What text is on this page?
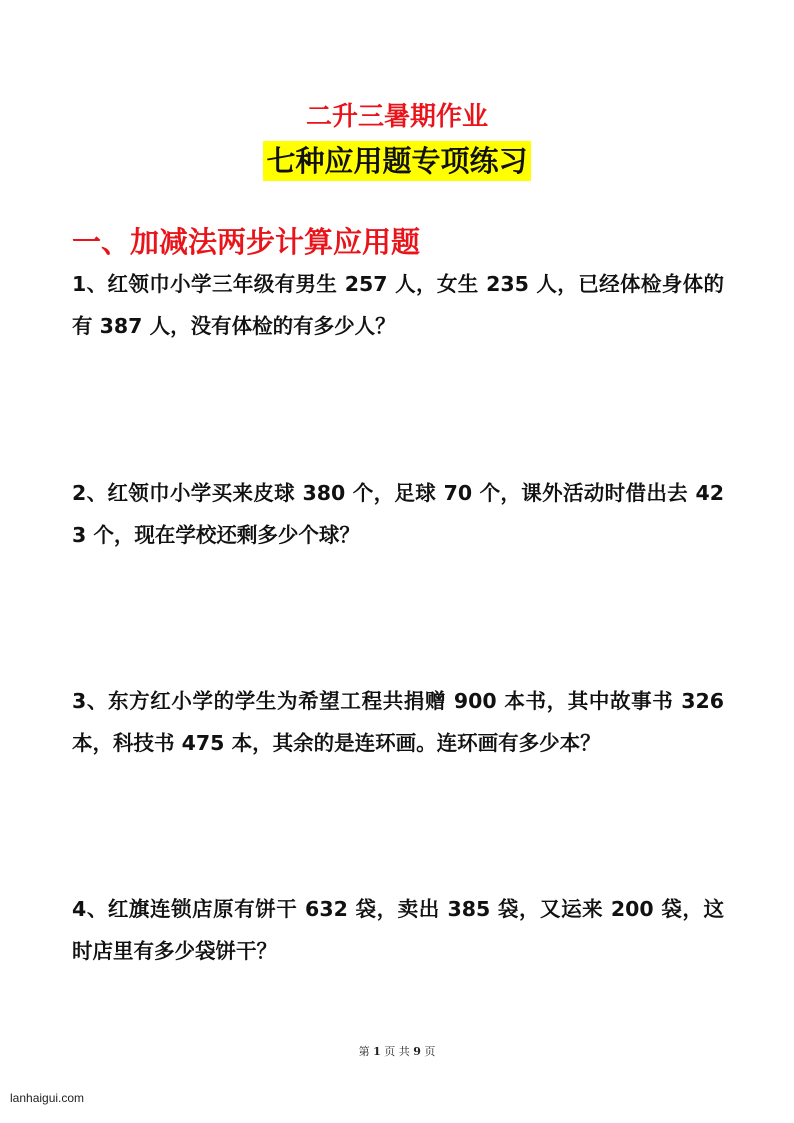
二升三暑期作业
七种应用题专项练习
一、加减法两步计算应用题
1、红领巾小学三年级有男生 257 人，女生 235 人，已经体检身体的有 387 人，没有体检的有多少人？
2、红领巾小学买来皮球 380 个，足球 70 个，课外活动时借出去 423 个，现在学校还剩多少个球？
3、东方红小学的学生为希望工程共捐赠 900 本书，其中故事书 326 本，科技书 475 本，其余的是连环画。连环画有多少本？
4、红旗连锁店原有饼干 632 袋，卖出 385 袋，又运来 200 袋，这时店里有多少袋饼干？
第 1 页 共 9 页
lanhaigui.com
